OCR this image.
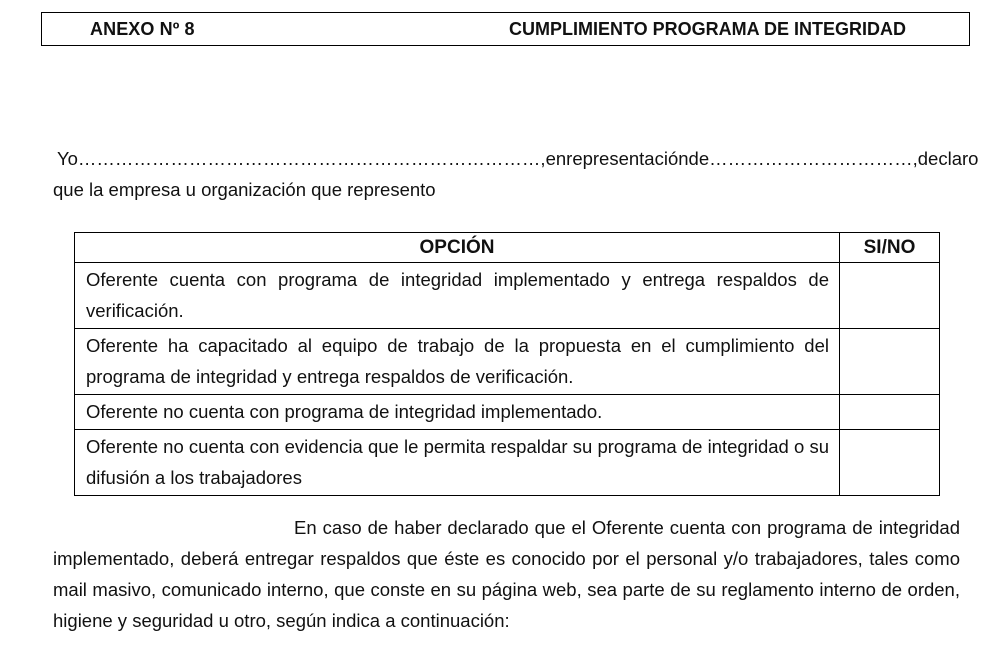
ANEXO Nº 8	CUMPLIMIENTO PROGRAMA DE INTEGRIDAD
Yo…………………………………………………………………,en representación de……………………………, declaro
que la empresa u organización que represento
OPCIÓN	SI/NO
Oferente cuenta con programa de integridad implementado y entrega respaldos de verificación.	
Oferente ha capacitado al equipo de trabajo de la propuesta en el cumplimiento del programa de integridad y entrega respaldos de verificación.	
Oferente no cuenta con programa de integridad implementado.	
Oferente no cuenta con evidencia que le permita respaldar su programa de integridad o su difusión a los trabajadores	
En caso de haber declarado que el Oferente cuenta con programa de integridad implementado, deberá entregar respaldos que éste es conocido por el personal y/o trabajadores, tales como mail masivo, comunicado interno, que conste en su página web, sea parte de su reglamento interno de orden, higiene y seguridad u otro, según indica a continuación:
